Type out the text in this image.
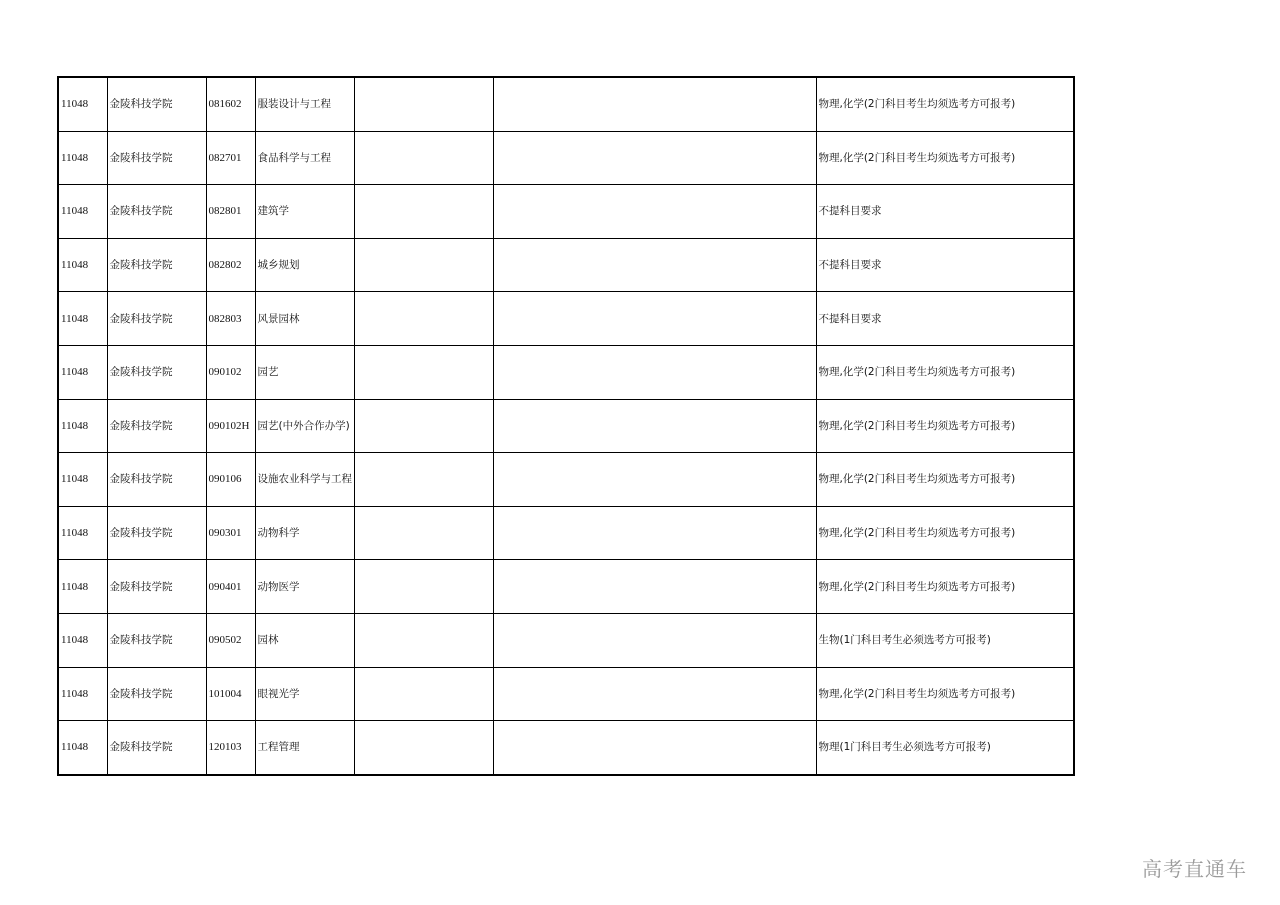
11048	金陵科技学院	081602	服装设计与工程			物理,化学(2门科目考生均须选考方可报考)
11048	金陵科技学院	082701	食品科学与工程			物理,化学(2门科目考生均须选考方可报考)
11048	金陵科技学院	082801	建筑学			不提科目要求
11048	金陵科技学院	082802	城乡规划			不提科目要求
11048	金陵科技学院	082803	风景园林			不提科目要求
11048	金陵科技学院	090102	园艺			物理,化学(2门科目考生均须选考方可报考)
11048	金陵科技学院	090102H	园艺(中外合作办学)			物理,化学(2门科目考生均须选考方可报考)
11048	金陵科技学院	090106	设施农业科学与工程			物理,化学(2门科目考生均须选考方可报考)
11048	金陵科技学院	090301	动物科学			物理,化学(2门科目考生均须选考方可报考)
11048	金陵科技学院	090401	动物医学			物理,化学(2门科目考生均须选考方可报考)
11048	金陵科技学院	090502	园林			生物(1门科目考生必须选考方可报考)
11048	金陵科技学院	101004	眼视光学			物理,化学(2门科目考生均须选考方可报考)
11048	金陵科技学院	120103	工程管理			物理(1门科目考生必须选考方可报考)
高考直通车
